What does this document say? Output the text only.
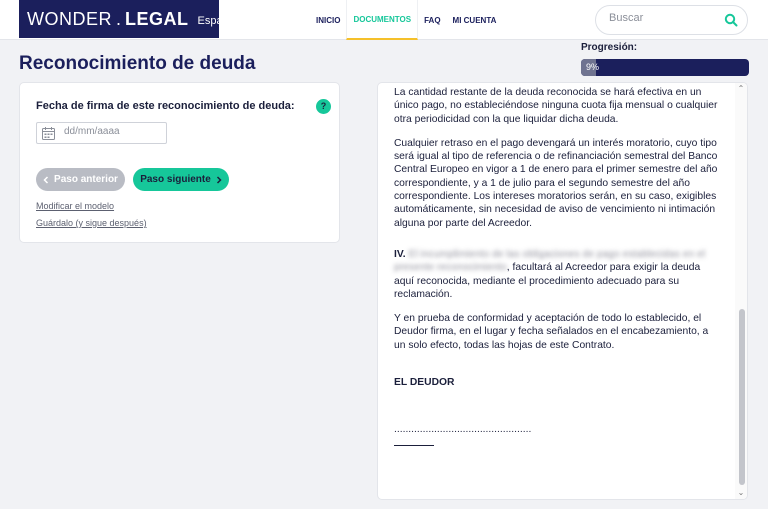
WONDER . LEGAL España	INICIO	DOCUMENTOS	FAQ	MI CUENTA
Buscar
Reconocimiento de deuda
Progresión:
9%
Fecha de firma de este reconocimiento de deuda:	?
dd/mm/aaaa
Paso anterior Paso siguiente
Modificar el modelo
Guárdalo (y sigue después)

La cantidad restante de la deuda reconocida se hará efectiva en un único pago, no estableciéndose ninguna cuota fija mensual o cualquier otra periodicidad con la que liquidar dicha deuda.

Cualquier retraso en el pago devengará un interés moratorio, cuyo tipo será igual al tipo de referencia o de refinanciación semestral del Banco Central Europeo en vigor a 1 de enero para el primer semestre del año correspondiente, y a 1 de julio para el segundo semestre del año correspondiente. Los intereses moratorios serán, en su caso, exigibles automáticamente, sin necesidad de aviso de vencimiento ni intimación alguna por parte del Acreedor.

IV. El incumplimiento de las obligaciones de pago establecidas en el presente reconocimiento, facultará al Acreedor para exigir la deuda aquí reconocida, mediante el procedimiento adecuado para su reclamación.

Y en prueba de conformidad y aceptación de todo lo establecido, el Deudor firma, en el lugar y fecha señalados en el encabezamiento, a un solo efecto, todas las hojas de este Contrato.

EL DEUDOR

................................................
⌃
⌄
